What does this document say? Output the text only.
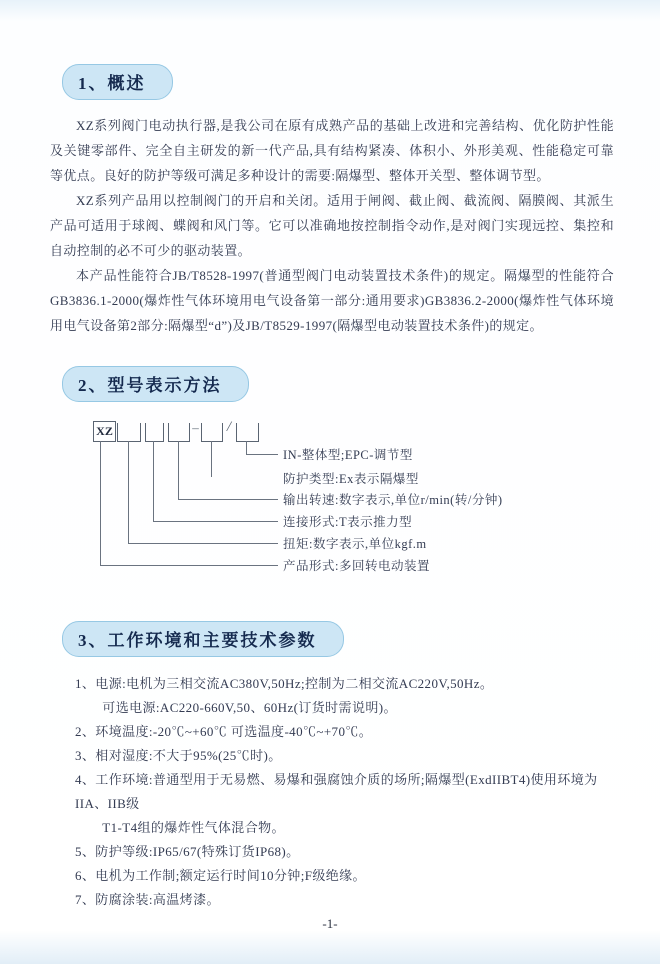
1、概述

XZ系列阀门电动执行器,是我公司在原有成熟产品的基础上改进和完善结构、优化防护性能及关键零部件、完全自主研发的新一代产品,具有结构紧凑、体积小、外形美观、性能稳定可靠等优点。良好的防护等级可满足多种设计的需要:隔爆型、整体开关型、整体调节型。

XZ系列产品用以控制阀门的开启和关闭。适用于闸阀、截止阀、截流阀、隔膜阀、其派生产品可适用于球阀、蝶阀和风门等。它可以准确地按控制指令动作,是对阀门实现远控、集控和自动控制的必不可少的驱动装置。

本产品性能符合JB/T8528-1997(普通型阀门电动装置技术条件)的规定。隔爆型的性能符合GB3836.1-2000(爆炸性气体环境用电气设备第一部分:通用要求)GB3836.2-2000(爆炸性气体环境用电气设备第2部分:隔爆型“d”)及JB/T8529-1997(隔爆型电动装置技术条件)的规定。

2、型号表示方法
XZ	– /
IN-整体型;EPC-调节型
防护类型:Ex表示隔爆型
输出转速:数字表示,单位r/min(转/分钟)
连接形式:T表示推力型
扭矩:数字表示,单位kgf.m
产品形式:多回转电动装置
3、工作环境和主要技术参数
1、电源:电机为三相交流AC380V,50Hz;控制为二相交流AC220V,50Hz。
可选电源:AC220-660V,50、60Hz(订货时需说明)。
2、环境温度:-20℃~+60℃ 可选温度-40℃~+70℃。
3、相对湿度:不大于95%(25℃时)。
4、工作环境:普通型用于无易燃、易爆和强腐蚀介质的场所;隔爆型(ExdIIBT4)使用环境为IIA、IIB级
T1-T4组的爆炸性气体混合物。
5、防护等级:IP65/67(特殊订货IP68)。
6、电机为工作制;额定运行时间10分钟;F级绝缘。
7、防腐涂装:高温烤漆。
-1-
